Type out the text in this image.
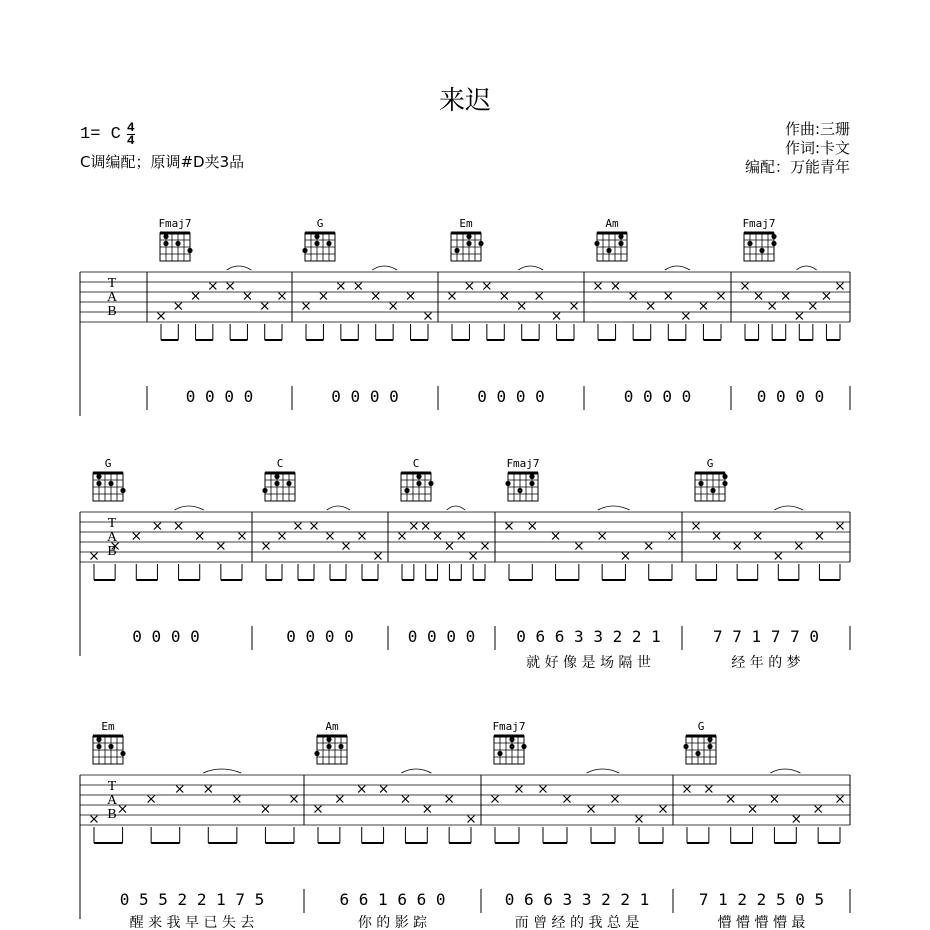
来迟
1= C $\frac{4}{4}$
C调编配；原调#D夹3品
作曲:三珊
作词:卡文
编配：万能青年
T
A
B
Fmaj7
0 0 0 0
G
0 0 0 0
Em
0 0 0 0
Am
0 0 0 0
Fmaj7
0 0 0 0
T
A
B
G
0 0 0 0
C
0 0 0 0
C
0 0 0 0
Fmaj7
0 6 6 3 3 2 2 1
就 好 像 是 场 隔 世
G
7 7 1 7 7 0
经 年 的 梦
T
A
B
Em
0 5 5 2 2 1 7 5
醒 来 我 早 已 失 去
Am
6 6 1 6 6 0
你 的 影 踪
Fmaj7
0 6 6 3 3 2 2 1
而 曾 经 的 我 总 是
G
7 1 2 2 5 0 5
懵 懵 懵 懵 最
